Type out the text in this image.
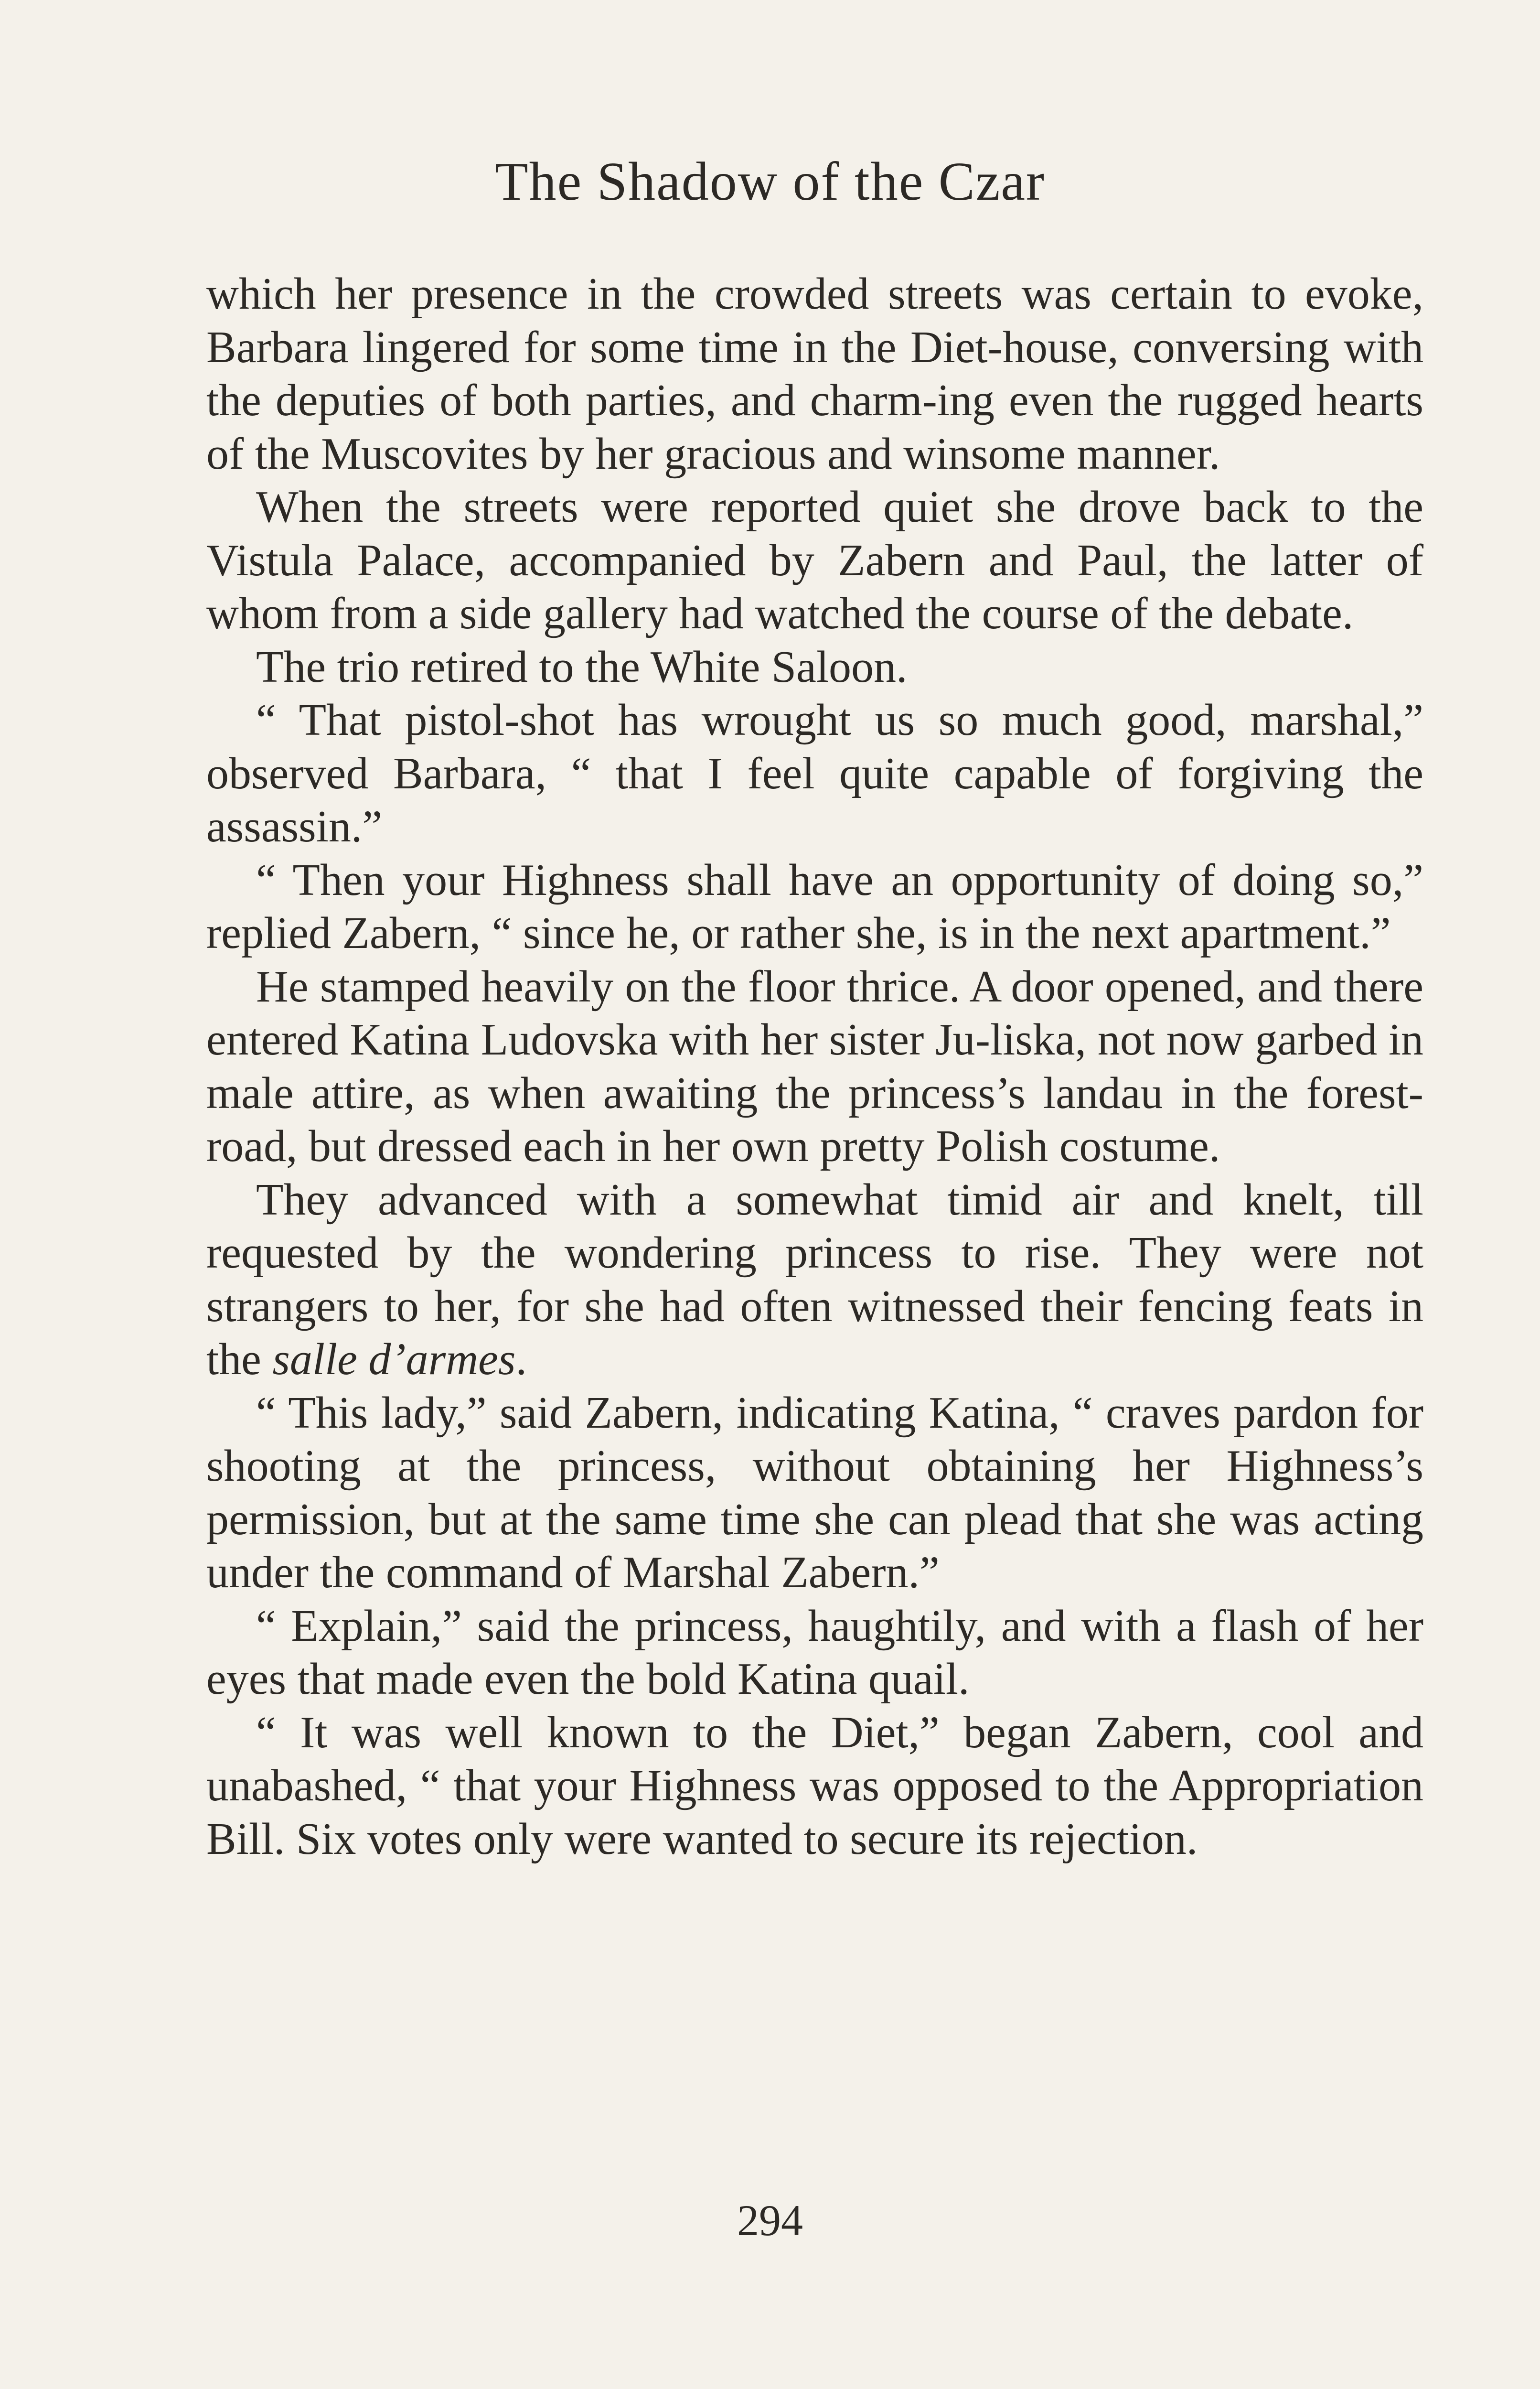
The Shadow of the Czar

which her presence in the crowded streets was certain to evoke, Barbara lingered for some time in the Diet-house, conversing with the deputies of both parties, and charm-ing even the rugged hearts of the Muscovites by her gracious and winsome manner.

When the streets were reported quiet she drove back to the Vistula Palace, accompanied by Zabern and Paul, the latter of whom from a side gallery had watched the course of the debate.

The trio retired to the White Saloon.

“ That pistol-shot has wrought us so much good, marshal,” observed Barbara, “ that I feel quite capable of forgiving the assassin.”

“ Then your Highness shall have an opportunity of doing so,” replied Zabern, “ since he, or rather she, is in the next apartment.”

He stamped heavily on the floor thrice. A door opened, and there entered Katina Ludovska with her sister Ju-liska, not now garbed in male attire, as when awaiting the princess’s landau in the forest-road, but dressed each in her own pretty Polish costume.

They advanced with a somewhat timid air and knelt, till requested by the wondering princess to rise. They were not strangers to her, for she had often witnessed their fencing feats in the salle d’armes.

“ This lady,” said Zabern, indicating Katina, “ craves pardon for shooting at the princess, without obtaining her Highness’s permission, but at the same time she can plead that she was acting under the command of Marshal Zabern.”

“ Explain,” said the princess, haughtily, and with a flash of her eyes that made even the bold Katina quail.

“ It was well known to the Diet,” began Zabern, cool and unabashed, “ that your Highness was opposed to the Appropriation Bill. Six votes only were wanted to secure its rejection.

294
